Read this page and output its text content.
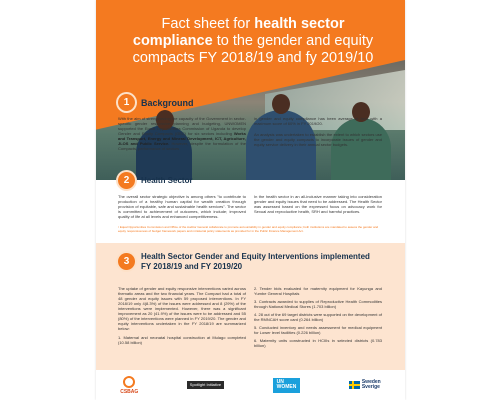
Fact sheet for health sector compliance to the gender and equity compacts FY 2018/19 and fy 2019/10
1	Background
With the aim of strengthening the capacity of the Government in sector-specific gender responsive planning and budgeting, UNWOMEN supported the Equal Opportunities Commission of Uganda to develop Gender and Equity Compacts (GEC) for six sectors including Works and Transport, Energy and Mineral Development, ICT, Agriculture, JLOS and Public Service. However, despite the formulation of the Compacts, performance of sectors

in gender and equity compliance has been average at best with a maximum score of 60% in FY 2019/20.

An analysis was undertaken to establish the extent to which sectors use the gender and equity compacts to incorporate issues of gender and equity service delivery in their annual sector budgets.

2	Health Sector

The overall sector strategic objective is among others "to contribute to production of a healthy human capital for wealth creation through provision of equitable, safe and sustainable health services". The sector is committed to achievement of outcomes, which include; improved quality of life at all levels and enhanced competitiveness.

In the health sector in an all-inclusive manner taking into consideration gender and equity issues that need to be addressed. The Health Sector was assessed based on the expressed focus on advocacy work for Sexual and reproductive health, SRH and harmful practices.

¹ Equal Opportunities Commission and Office of the Auditor General collaborate to promote accountability in gender and equity compliance; both institutions are mandated to assess the gender and equity responsiveness of budget framework papers and ministerial policy statements as provided for in the Public Finance Management Act.
3	Health Sector Gender and Equity Interventions implemented FY 2018/19 and FY 2019/20

The uptake of gender and equity responsive interventions varied across thematic areas and the two financial years. The Compact had a total of 48 gender and equity issues with 59 proposed interventions. In FY 2018/19 only 4(8.3%) of the issues were addressed and 8 (29%) of the interventions were implemented. However, there was a significant improvement as 20 (41.9%) of the issues were to be addressed and 55 (80%) of the interventions were planned in FY 2019/20. The gender and equity interventions undertaken in the FY 2018/19 are summarized below:

1. Maternal and neonatal hospital construction at Mulago completed (10.58 billion)

2. Tender bids evaluated for maternity equipment for Kayunga and Yumbe General Hospitals

3. Contracts awarded to supplies of Reproductive Health Commodities through National Medical Stores (1.703 billion)

4. 28 out of the 69 target districts were supported on the development of the RMNCAH score card (0.264 billion)

5. Conducted inventory and needs assessment for medical equipment for Lower level facilities (0.226 billion)

6. Maternity units constructed in HCIIIs in selected districts (0.783 billion)

CSBAG
Spotlight Initiative	UN
WOMEN
Sweden
Sverige
